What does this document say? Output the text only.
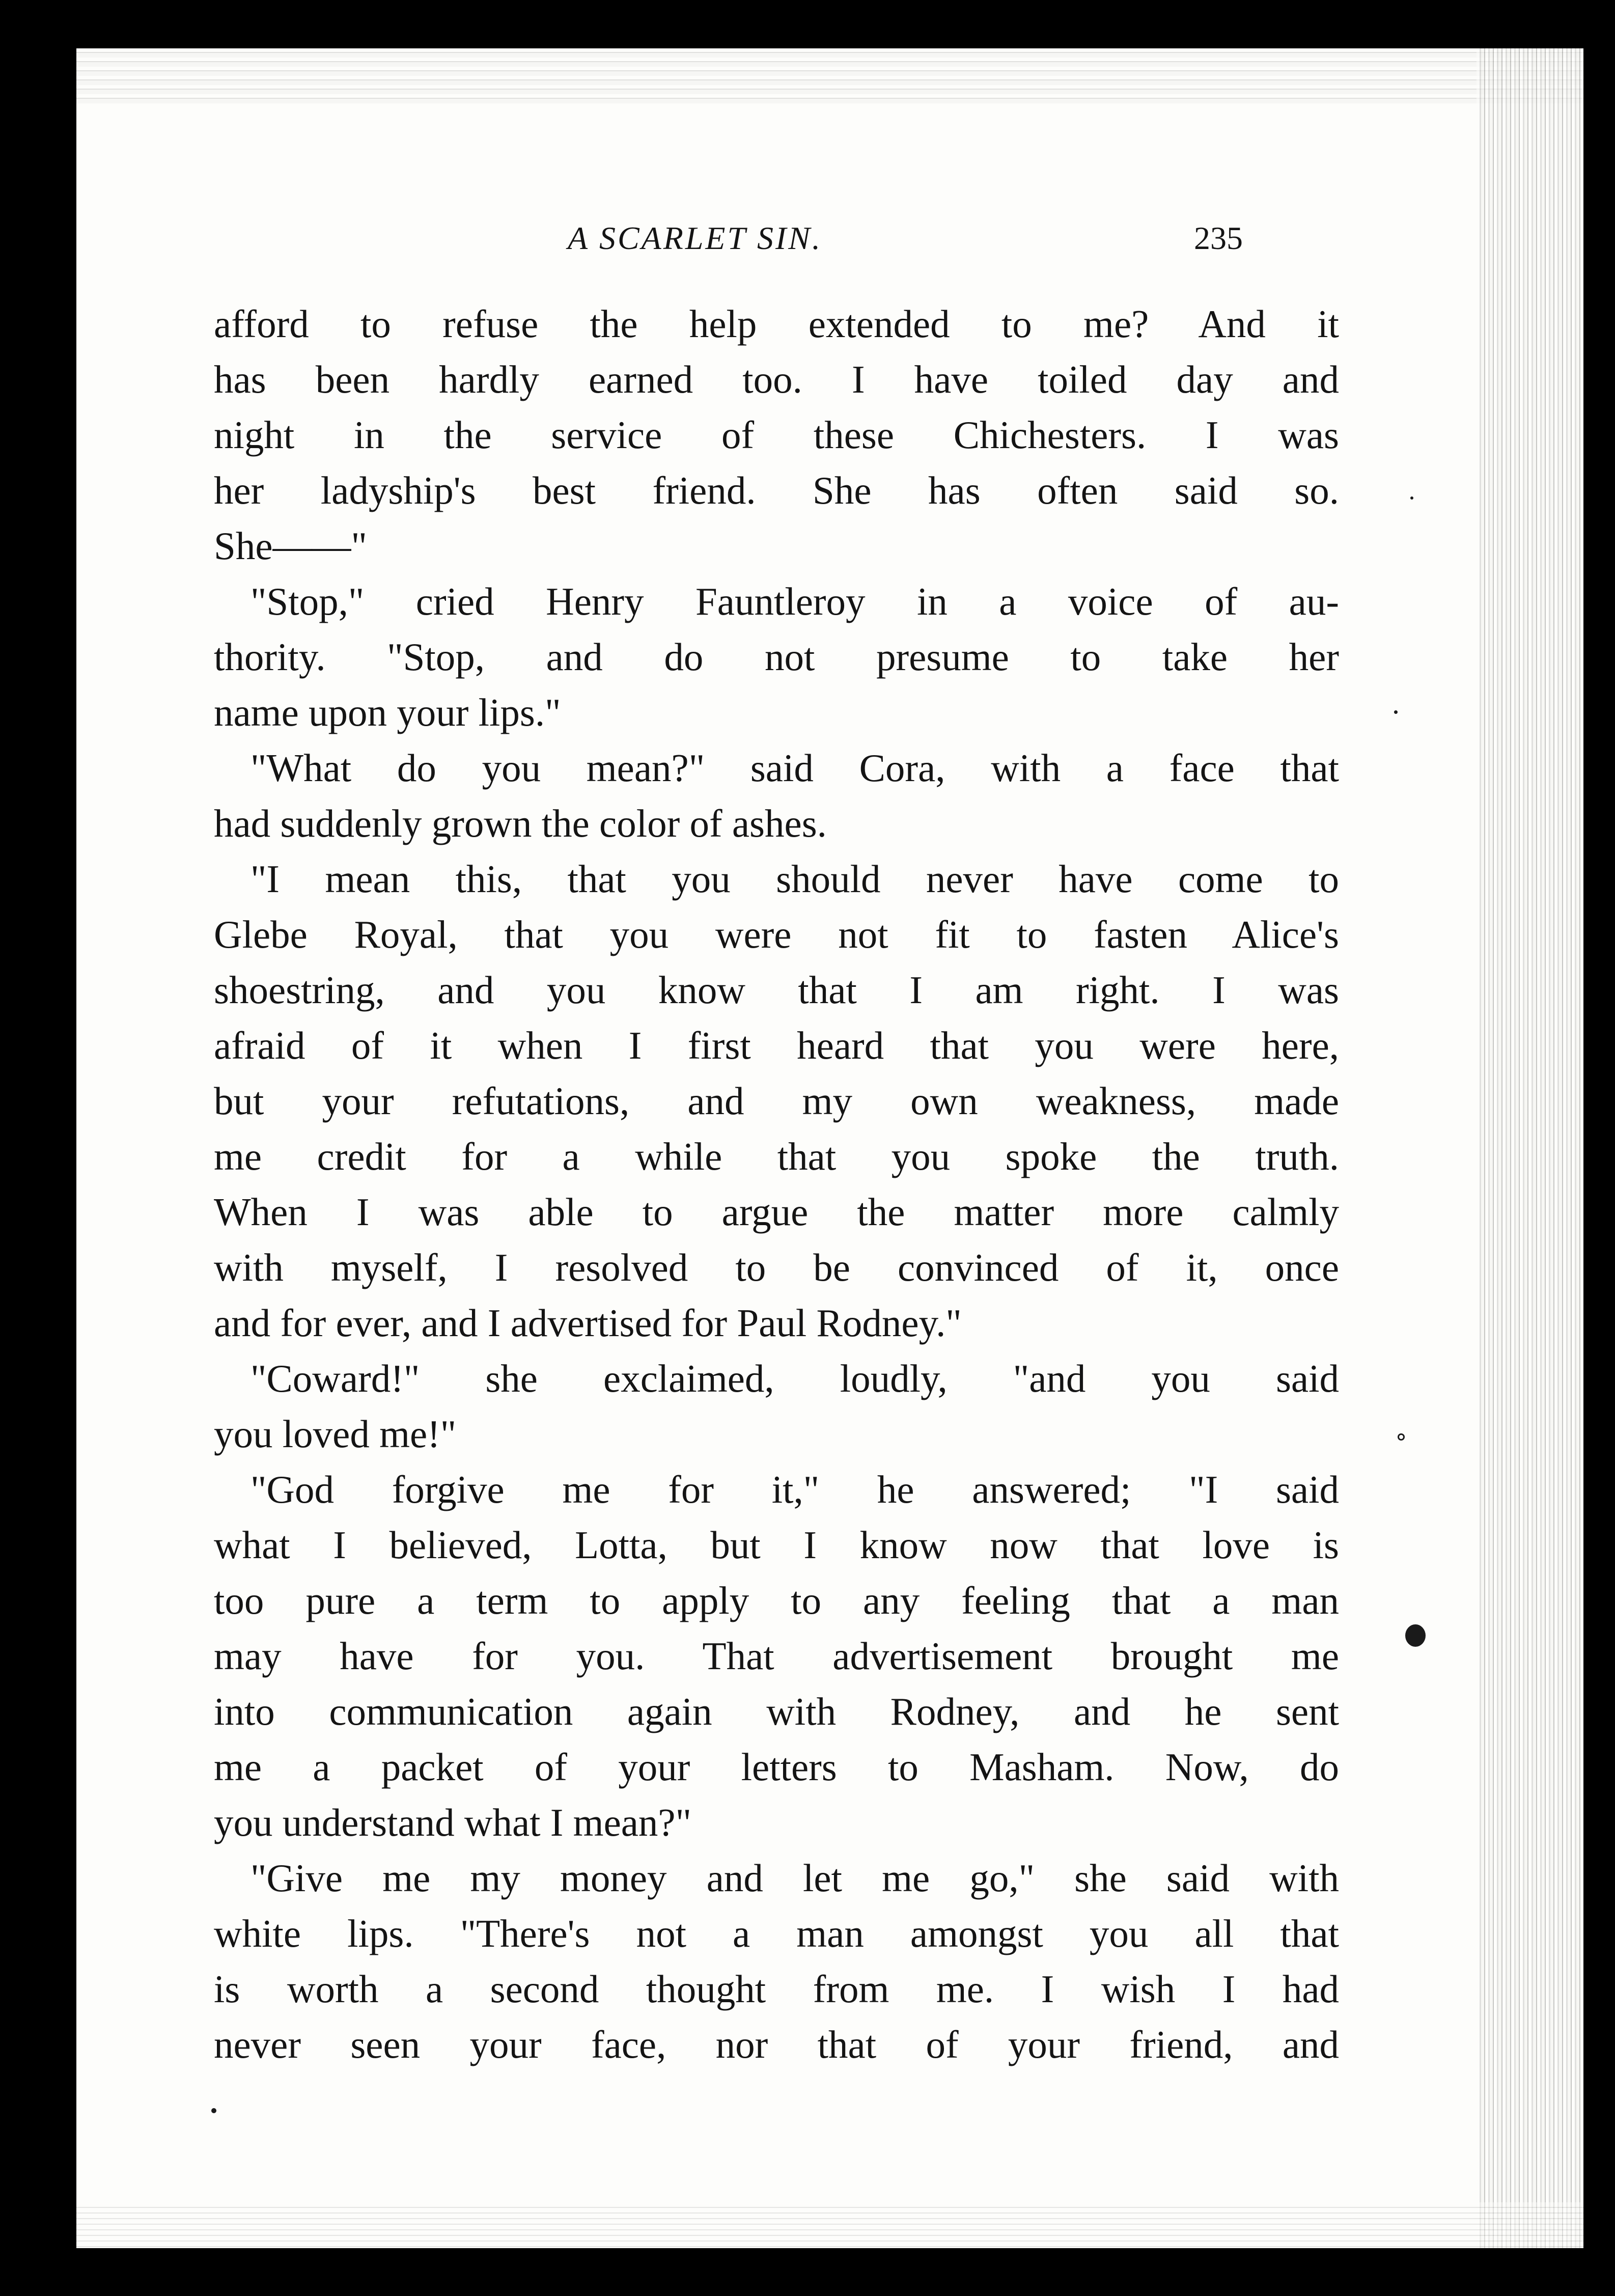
A SCARLET SIN.	235
afford to refuse the help extended to me? And it
has been hardly earned too. I have toiled day and
night in the service of these Chichesters. I was
her ladyship's best friend. She has often said so.
She——"
"Stop," cried Henry Fauntleroy in a voice of au-
thority. "Stop, and do not presume to take her
name upon your lips."
"What do you mean?" said Cora, with a face that
had suddenly grown the color of ashes.
"I mean this, that you should never have come to
Glebe Royal, that you were not fit to fasten Alice's
shoestring, and you know that I am right. I was
afraid of it when I first heard that you were here,
but your refutations, and my own weakness, made
me credit for a while that you spoke the truth.
When I was able to argue the matter more calmly
with myself, I resolved to be convinced of it, once
and for ever, and I advertised for Paul Rodney."
"Coward!" she exclaimed, loudly, "and you said
you loved me!"
"God forgive me for it," he answered; "I said
what I believed, Lotta, but I know now that love is
too pure a term to apply to any feeling that a man
may have for you. That advertisement brought me
into communication again with Rodney, and he sent
me a packet of your letters to Masham. Now, do
you understand what I mean?"
"Give me my money and let me go," she said with
white lips. "There's not a man amongst you all that
is worth a second thought from me. I wish I had
never seen your face, nor that of your friend, and
